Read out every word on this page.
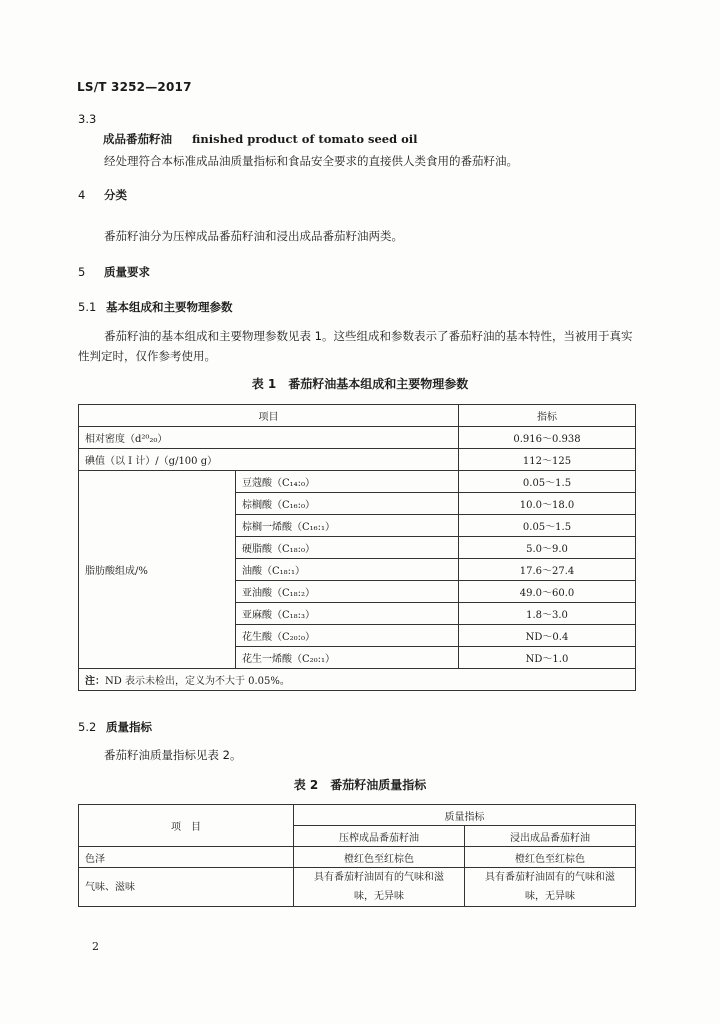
LS/T 3252—2017
3.3
成品番茄籽油 finished product of tomato seed oil
经处理符合本标准成品油质量指标和食品安全要求的直接供人类食用的番茄籽油。
4 分类
番茄籽油分为压榨成品番茄籽油和浸出成品番茄籽油两类。
5 质量要求
5.1 基本组成和主要物理参数
番茄籽油的基本组成和主要物理参数见表 1。这些组成和参数表示了番茄籽油的基本特性，当被用于真实性判定时，仅作参考使用。
表 1　番茄籽油基本组成和主要物理参数
项目		指标
相对密度（d²⁰₂₀）		0.916～0.938
碘值（以 I 计）/（g/100 g）		112～125
脂肪酸组成/%	豆蔻酸（C₁₄:₀）	0.05～1.5
	棕榈酸（C₁₆:₀）	10.0～18.0
	棕榈一烯酸（C₁₆:₁）	0.05～1.5
	硬脂酸（C₁₈:₀）	5.0～9.0
	油酸（C₁₈:₁）	17.6～27.4
	亚油酸（C₁₈:₂）	49.0～60.0
	亚麻酸（C₁₈:₃）	1.8～3.0
	花生酸（C₂₀:₀）	ND～0.4
	花生一烯酸（C₂₀:₁）	ND～1.0
注：ND 表示未检出，定义为不大于 0.05%。		
5.2 质量指标
番茄籽油质量指标见表 2。
表 2　番茄籽油质量指标
项　目	质量指标	
	压榨成品番茄籽油	浸出成品番茄籽油
色泽	橙红色至红棕色	橙红色至红棕色
气味、滋味	具有番茄籽油固有的气味和滋味，无异味	具有番茄籽油固有的气味和滋味，无异味
2
